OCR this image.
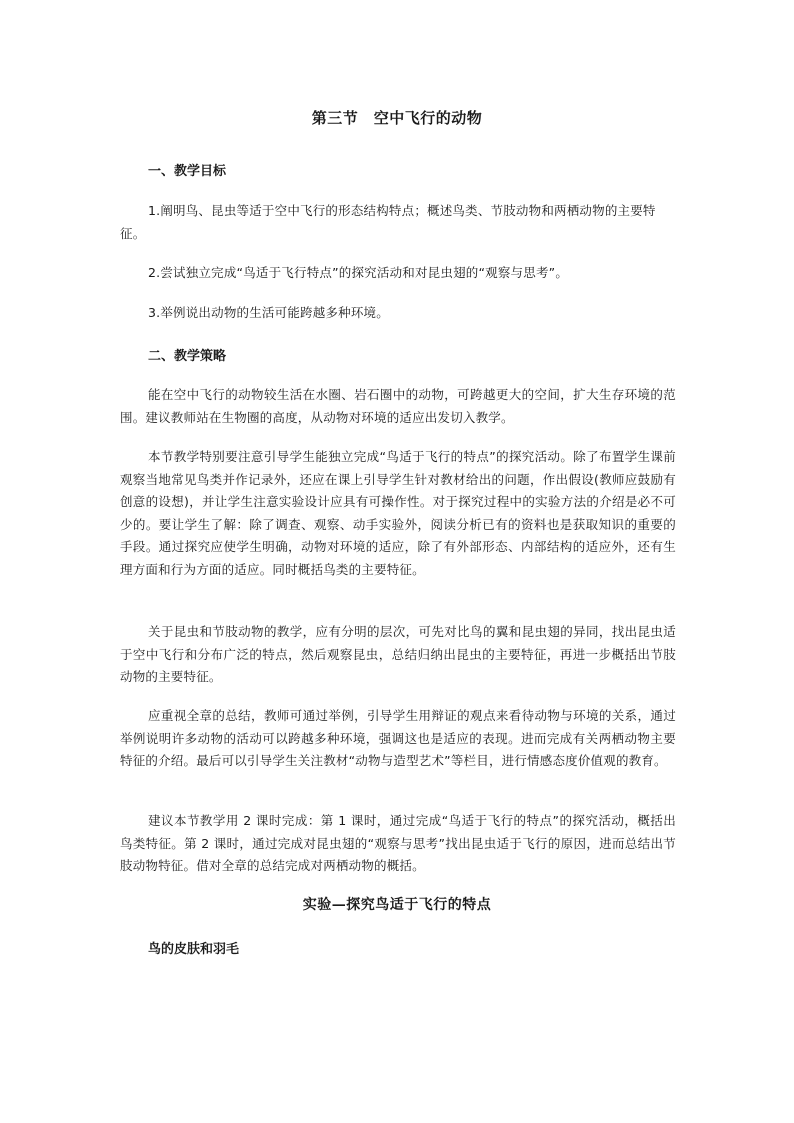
第三节　空中飞行的动物
一、教学目标

1.阐明鸟、昆虫等适于空中飞行的形态结构特点；概述鸟类、节肢动物和两栖动物的主要特征。

2.尝试独立完成“鸟适于飞行特点”的探究活动和对昆虫翅的“观察与思考”。

3.举例说出动物的生活可能跨越多种环境。

二、教学策略

能在空中飞行的动物较生活在水圈、岩石圈中的动物，可跨越更大的空间，扩大生存环境的范围。建议教师站在生物圈的高度，从动物对环境的适应出发切入教学。

本节教学特别要注意引导学生能独立完成“鸟适于飞行的特点”的探究活动。除了布置学生课前观察当地常见鸟类并作记录外，还应在课上引导学生针对教材给出的问题，作出假设(教师应鼓励有创意的设想)，并让学生注意实验设计应具有可操作性。对于探究过程中的实验方法的介绍是必不可少的。要让学生了解：除了调查、观察、动手实验外，阅读分析已有的资料也是获取知识的重要的手段。通过探究应使学生明确，动物对环境的适应，除了有外部形态、内部结构的适应外，还有生理方面和行为方面的适应。同时概括鸟类的主要特征。

关于昆虫和节肢动物的教学，应有分明的层次，可先对比鸟的翼和昆虫翅的异同，找出昆虫适于空中飞行和分布广泛的特点，然后观察昆虫，总结归纳出昆虫的主要特征，再进一步概括出节肢动物的主要特征。

应重视全章的总结，教师可通过举例，引导学生用辩证的观点来看待动物与环境的关系，通过举例说明许多动物的活动可以跨越多种环境，强调这也是适应的表现。进而完成有关两栖动物主要特征的介绍。最后可以引导学生关注教材“动物与造型艺术”等栏目，进行情感态度价值观的教育。

建议本节教学用 2 课时完成：第 1 课时，通过完成“鸟适于飞行的特点”的探究活动，概括出鸟类特征。第 2 课时，通过完成对昆虫翅的“观察与思考”找出昆虫适于飞行的原因，进而总结出节肢动物特征。借对全章的总结完成对两栖动物的概括。

实验—探究鸟适于飞行的特点
鸟的皮肤和羽毛
